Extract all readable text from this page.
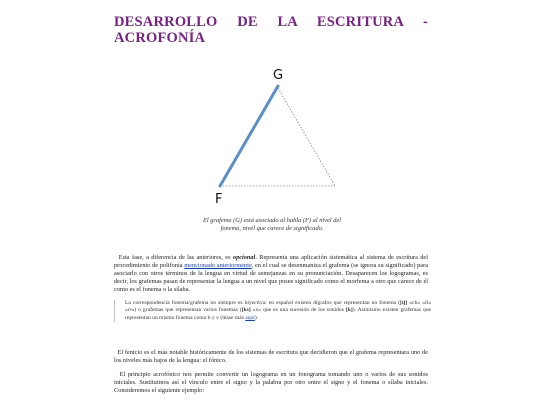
DESARROLLO DE LA ESCRITURA -
ACROFONÍA
G
F
El grafema (G) está asociado al habla (F) al nivel del fonema, nivel que carece de significado.

Esta fase, a diferencia de las anteriores, es opcional. Representa una aplicación sistemática al sistema de escritura del procedimiento de polifonía mencionado anteriormente, en el cual se desenmaniza el grafema (se ignora su significado) para asociarlo con otros términos de la lengua en virtud de semejanzas en su pronunciación. Desaparecen los logogramas, es decir, los grafemas pasan de representar la lengua a un nivel que posee significado como el morfema a otro que carece de él como es el fonema o la sílaba.

La correspondencia fonema/grafema no siempre es biyectiva: en español existen dígrafos que representan un fonema ([tʃ] «ch» «ll» «rr») o grafemas que representan varios fonemas ([ks] «x» que es una sucesión de los sonidos [k]). Asimismo existen grafemas que representan un mismo fonema como b y v (léase más aquí).

El fenicio es el más notable históricamente de los sistemas de escritura que decidieron que el grafema representara uno de los niveles más bajos de la lengua: el fónico.

El principio acrofónico nos permite convertir un logograma en un fonograma tomando uno o varios de sus sonidos iniciales. Sustituimos así el vínculo entre el signo y la palabra por otro entre el signo y el fonema o sílaba iniciales. Consideremos el siguiente ejemplo:
